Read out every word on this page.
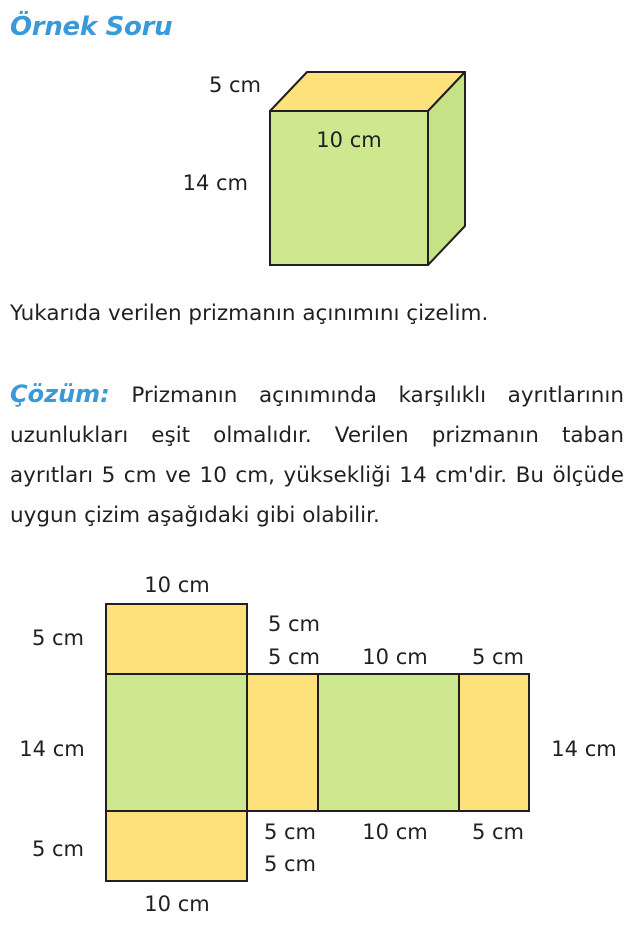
Örnek Soru
5 cm
10 cm
14 cm

Yukarıda verilen prizmanın açınımını çizelim.

Çözüm: Prizmanın açınımında karşılıklı ayrıtlarının uzunlukları eşit olmalıdır. Verilen prizmanın taban ayrıtları 5 cm ve 10 cm, yüksekliği 14 cm'dir. Bu ölçüde uygun çizim aşağıdaki gibi olabilir.

10 cm
5 cm
5 cm
5 cm 10 cm 5 cm
14 cm	14 cm
5 cm
5 cm 10 cm 5 cm
5 cm
10 cm
